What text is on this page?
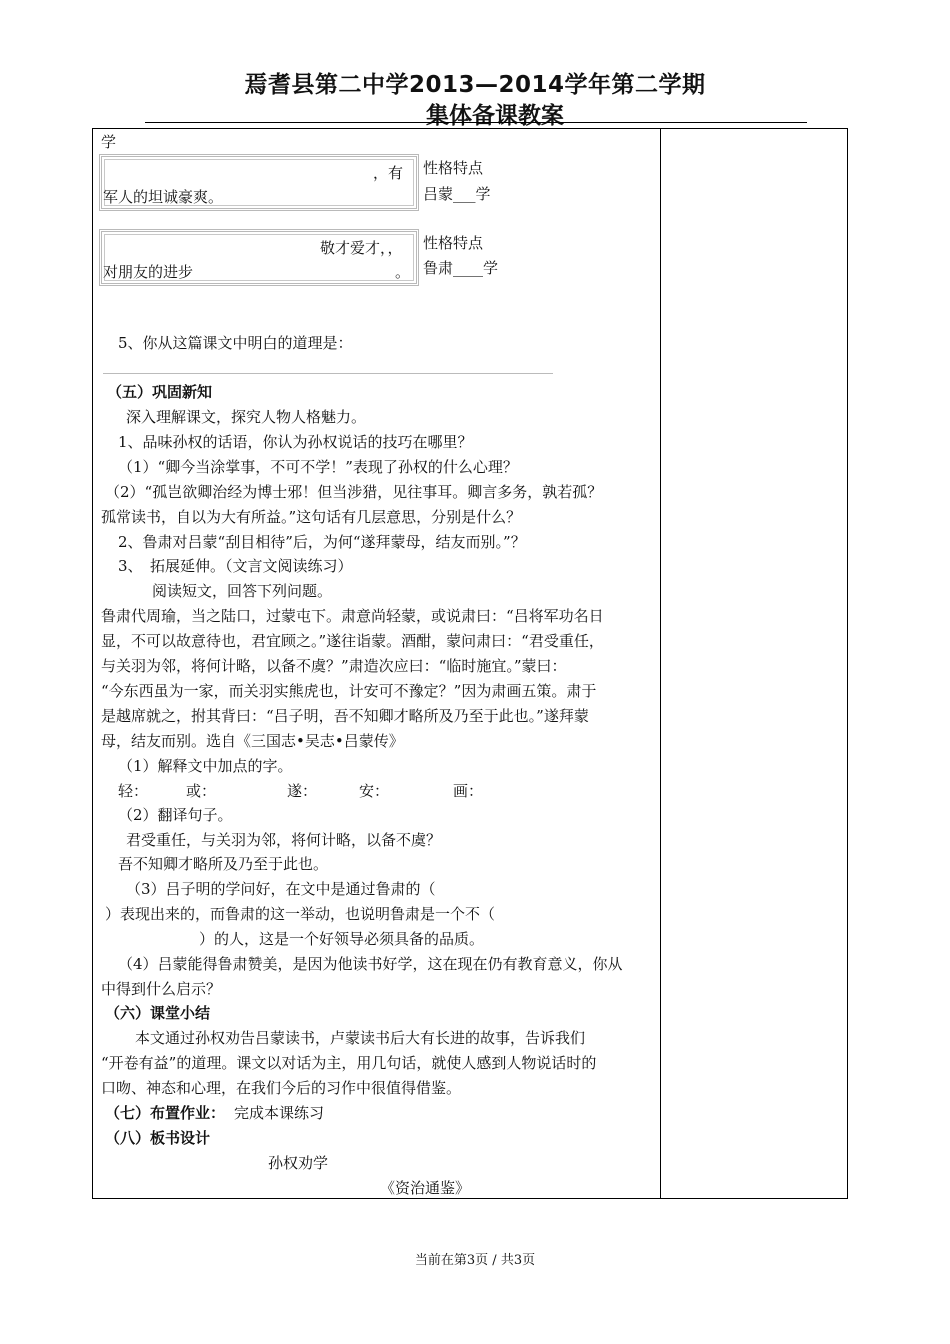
焉耆县第二中学2013—2014学年第二学期
集体备课教案
学
，有
军人的坦诚豪爽。
性格特点
吕蒙___学
敬才爱才，，
对朋友的进步	。
性格特点
鲁肃____学
5、你从这篇课文中明白的道理是：
（五）巩固新知
深入理解课文，探究人物人格魅力。
1、品味孙权的话语，你认为孙权说话的技巧在哪里？
（1）“卿今当涂掌事，不可不学！”表现了孙权的什么心理？
（2）“孤岂欲卿治经为博士邪！但当涉猎，见往事耳。卿言多务，孰若孤？
孤常读书，自以为大有所益。”这句话有几层意思，分别是什么？
2、鲁肃对吕蒙“刮目相待”后，为何“遂拜蒙母，结友而别。”？
3、　拓展延伸。（文言文阅读练习）
阅读短文，回答下列问题。
鲁肃代周瑜，当之陆口，过蒙屯下。肃意尚轻蒙，或说肃曰：“吕将军功名日
显，不可以故意待也，君宜顾之。”遂往诣蒙。酒酣，蒙问肃曰：“君受重任，
与关羽为邻，将何计略，以备不虞？”肃造次应曰：“临时施宜。”蒙曰：
“今东西虽为一家，而关羽实熊虎也，计安可不豫定？”因为肃画五策。肃于
是越席就之，拊其背曰：“吕子明，吾不知卿才略所及乃至于此也。”遂拜蒙
母，结友而别。选自《三国志•吴志•吕蒙传》
（1）解释文中加点的字。
轻：	或：	遂：	安：	画：
（2）翻译句子。
君受重任，与关羽为邻，将何计略，以备不虞？
吾不知卿才略所及乃至于此也。
（3）吕子明的学问好，在文中是通过鲁肃的（
）表现出来的，而鲁肃的这一举动，也说明鲁肃是一个不（
）的人，这是一个好领导必须具备的品质。
（4）吕蒙能得鲁肃赞美，是因为他读书好学，这在现在仍有教育意义，你从
中得到什么启示？
（六）课堂小结
本文通过孙权劝告吕蒙读书，卢蒙读书后大有长进的故事，告诉我们
“开卷有益”的道理。课文以对话为主，用几句话，就使人感到人物说话时的
口吻、神态和心理，在我们今后的习作中很值得借鉴。
（七）布置作业： 完成本课练习
（八）板书设计
孙权劝学
《资治通鉴》
当前在第3页 / 共3页
